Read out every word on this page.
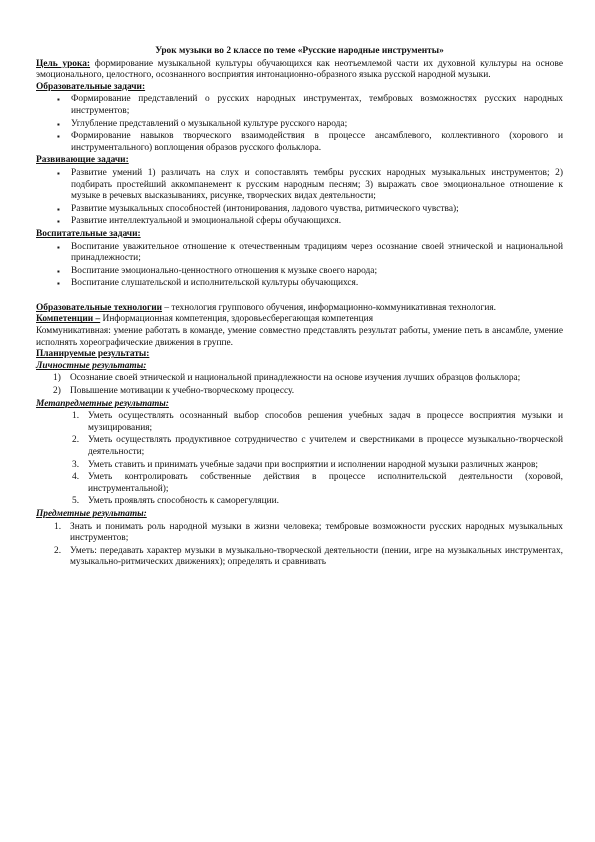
Урок музыки во 2 классе по теме «Русские народные инструменты»
Цель урока: формирование музыкальной культуры обучающихся как неотъемлемой части их духовной культуры на основе эмоционального, целостного, осознанного восприятия интонационно-образного языка русской народной музыки.
Образовательные задачи:
▪ Формирование представлений о русских народных инструментах, тембровых возможностях русских народных инструментов;
▪ Углубление представлений о музыкальной культуре русского народа;
▪ Формирование навыков творческого взаимодействия в процессе ансамблевого, коллективного (хорового и инструментального) воплощения образов русского фольклора.
Развивающие задачи:
▪ Развитие умений 1) различать на слух и сопоставлять тембры русских народных музыкальных инструментов; 2) подбирать простейший аккомпанемент к русским народным песням; 3) выражать свое эмоциональное отношение к музыке в речевых высказываниях, рисунке, творческих видах деятельности;
▪ Развитие музыкальных способностей (интонирования, ладового чувства, ритмического чувства);
▪ Развитие интеллектуальной и эмоциональной сферы обучающихся.
Воспитательные задачи:
▪ Воспитание уважительное отношение к отечественным традициям через осознание своей этнической и национальной принадлежности;
▪ Воспитание эмоционально-ценностного отношения к музыке своего народа;
▪ Воспитание слушательской и исполнительской культуры обучающихся.
Образовательные технологии – технология группового обучения, информационно-коммуникативная технология.
Компетенции – Информационная компетенция, здоровьесберегающая компетенция
Коммуникативная: умение работать в команде, умение совместно представлять результат работы, умение петь в ансамбле, умение исполнять хореографические движения в группе.
Планируемые результаты:
Личностные результаты:
1) Осознание своей этнической и национальной принадлежности на основе изучения лучших образцов фольклора;
2) Повышение мотивации к учебно-творческому процессу.
Метапредметные результаты:
1. Уметь осуществлять осознанный выбор способов решения учебных задач в процессе восприятия музыки и музицирования;
2. Уметь осуществлять продуктивное сотрудничество с учителем и сверстниками в процессе музыкально-творческой деятельности;
3. Уметь ставить и принимать учебные задачи при восприятии и исполнении народной музыки различных жанров;
4. Уметь контролировать собственные действия в процессе исполнительской деятельности (хоровой, инструментальной);
5. Уметь проявлять способность к саморегуляции.
Предметные результаты:
1. Знать и понимать роль народной музыки в жизни человека; тембровые возможности русских народных музыкальных инструментов;
2. Уметь: передавать характер музыки в музыкально-творческой деятельности (пении, игре на музыкальных инструментах, музыкально-ритмических движениях); определять и сравнивать
